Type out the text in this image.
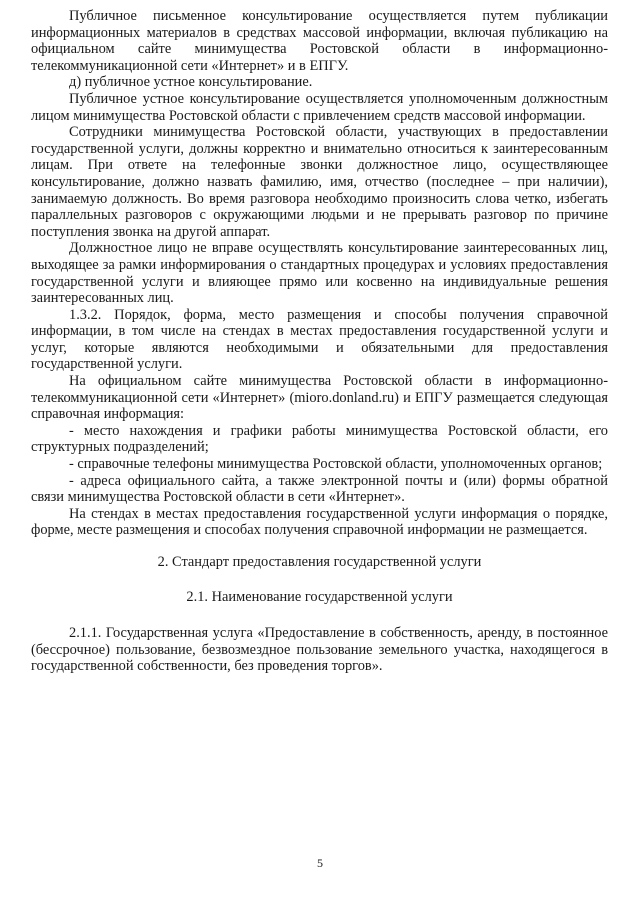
Публичное письменное консультирование осуществляется путем публикации информационных материалов в средствах массовой информации, включая публикацию на официальном сайте минимущества Ростовской области в информационно-телекоммуникационной сети «Интернет» и в ЕПГУ.

д) публичное устное консультирование.

Публичное устное консультирование осуществляется уполномоченным должностным лицом минимущества Ростовской области с привлечением средств массовой информации.

Сотрудники минимущества Ростовской области, участвующих в предоставлении государственной услуги, должны корректно и внимательно относиться к заинтересованным лицам. При ответе на телефонные звонки должностное лицо, осуществляющее консультирование, должно назвать фамилию, имя, отчество (последнее – при наличии), занимаемую должность. Во время разговора необходимо произносить слова четко, избегать параллельных разговоров с окружающими людьми и не прерывать разговор по причине поступления звонка на другой аппарат.

Должностное лицо не вправе осуществлять консультирование заинтересованных лиц, выходящее за рамки информирования о стандартных процедурах и условиях предоставления государственной услуги и влияющее прямо или косвенно на индивидуальные решения заинтересованных лиц.

1.3.2. Порядок, форма, место размещения и способы получения справочной информации, в том числе на стендах в местах предоставления государственной услуги и услуг, которые являются необходимыми и обязательными для предоставления государственной услуги.

На официальном сайте минимущества Ростовской области в информационно-телекоммуникационной сети «Интернет» (mioro.donland.ru) и ЕПГУ размещается следующая справочная информация:

- место нахождения и графики работы минимущества Ростовской области, его структурных подразделений;

- справочные телефоны минимущества Ростовской области, уполномоченных органов;

- адреса официального сайта, а также электронной почты и (или) формы обратной связи минимущества Ростовской области в сети «Интернет».

На стендах в местах предоставления государственной услуги информация о порядке, форме, месте размещения и способах получения справочной информации не размещается.

2. Стандарт предоставления государственной услуги

2.1. Наименование государственной услуги

2.1.1. Государственная услуга «Предоставление в собственность, аренду, в постоянное (бессрочное) пользование, безвозмездное пользование земельного участка, находящегося в государственной собственности, без проведения торгов».

5
